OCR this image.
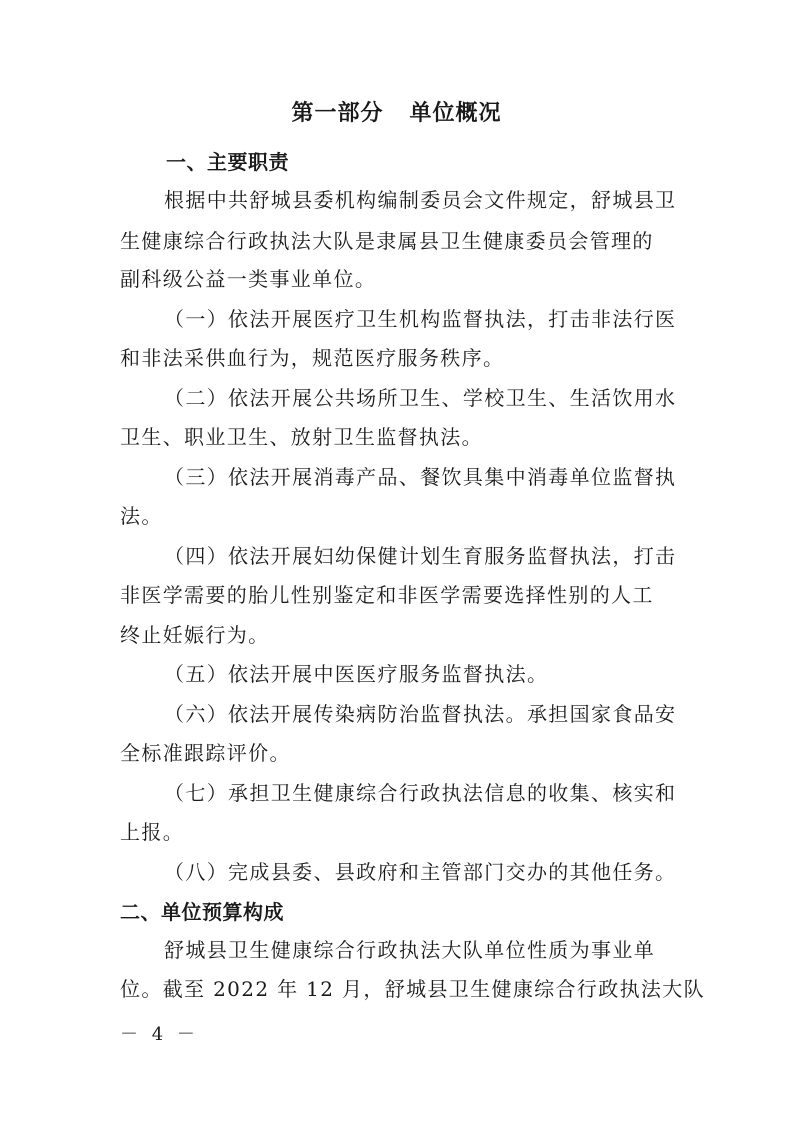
第一部分 单位概况
一、主要职责
根据中共舒城县委机构编制委员会文件规定，舒城县卫
生健康综合行政执法大队是隶属县卫生健康委员会管理的
副科级公益一类事业单位。
（一）依法开展医疗卫生机构监督执法，打击非法行医
和非法采供血行为，规范医疗服务秩序。
（二）依法开展公共场所卫生、学校卫生、生活饮用水
卫生、职业卫生、放射卫生监督执法。
（三）依法开展消毒产品、餐饮具集中消毒单位监督执
法。
（四）依法开展妇幼保健计划生育服务监督执法，打击
非医学需要的胎儿性别鉴定和非医学需要选择性别的人工
终止妊娠行为。
（五）依法开展中医医疗服务监督执法。
（六）依法开展传染病防治监督执法。承担国家食品安
全标准跟踪评价。
（七）承担卫生健康综合行政执法信息的收集、核实和
上报。
（八）完成县委、县政府和主管部门交办的其他任务。
二、单位预算构成
舒城县卫生健康综合行政执法大队单位性质为事业单
位。截至 2022 年 12 月，舒城县卫生健康综合行政执法大队
－ 4 －
